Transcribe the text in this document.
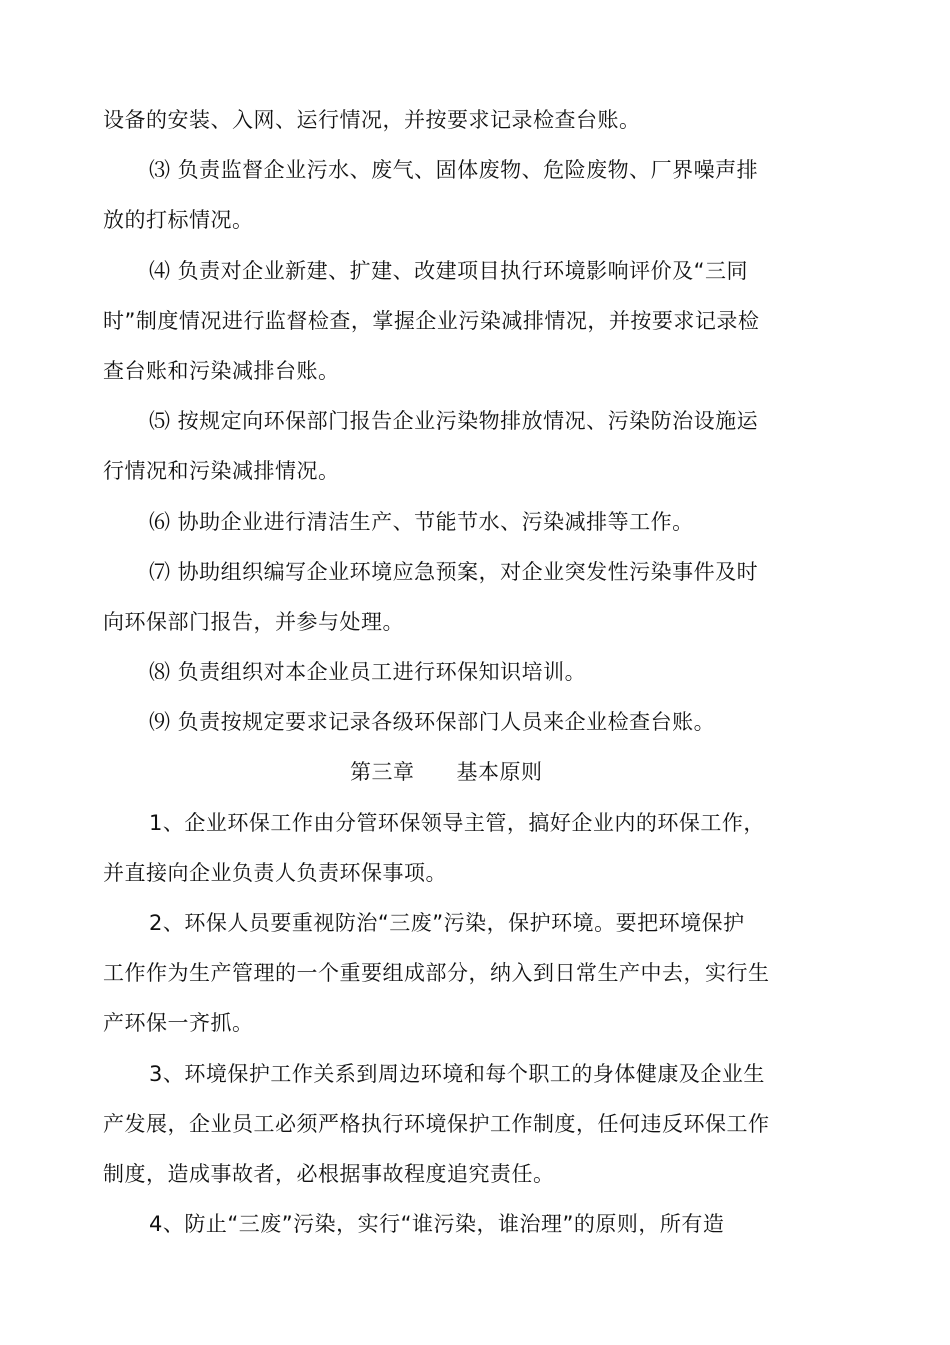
设备的安装、入网、运行情况，并按要求记录检查台账。
⑶ 负责监督企业污水、废气、固体废物、危险废物、厂界噪声排
放的打标情况。
⑷ 负责对企业新建、扩建、改建项目执行环境影响评价及“三同
时”制度情况进行监督检查，掌握企业污染减排情况，并按要求记录检
查台账和污染减排台账。
⑸ 按规定向环保部门报告企业污染物排放情况、污染防治设施运
行情况和污染减排情况。
⑹ 协助企业进行清洁生产、节能节水、污染减排等工作。
⑺ 协助组织编写企业环境应急预案，对企业突发性污染事件及时
向环保部门报告，并参与处理。
⑻ 负责组织对本企业员工进行环保知识培训。
⑼ 负责按规定要求记录各级环保部门人员来企业检查台账。
第三章 基本原则
1、企业环保工作由分管环保领导主管，搞好企业内的环保工作，
并直接向企业负责人负责环保事项。
2、环保人员要重视防治“三废”污染，保护环境。要把环境保护
工作作为生产管理的一个重要组成部分，纳入到日常生产中去，实行生
产环保一齐抓。
3、环境保护工作关系到周边环境和每个职工的身体健康及企业生
产发展，企业员工必须严格执行环境保护工作制度，任何违反环保工作
制度，造成事故者，必根据事故程度追究责任。
4、防止“三废”污染，实行“谁污染，谁治理”的原则，所有造
